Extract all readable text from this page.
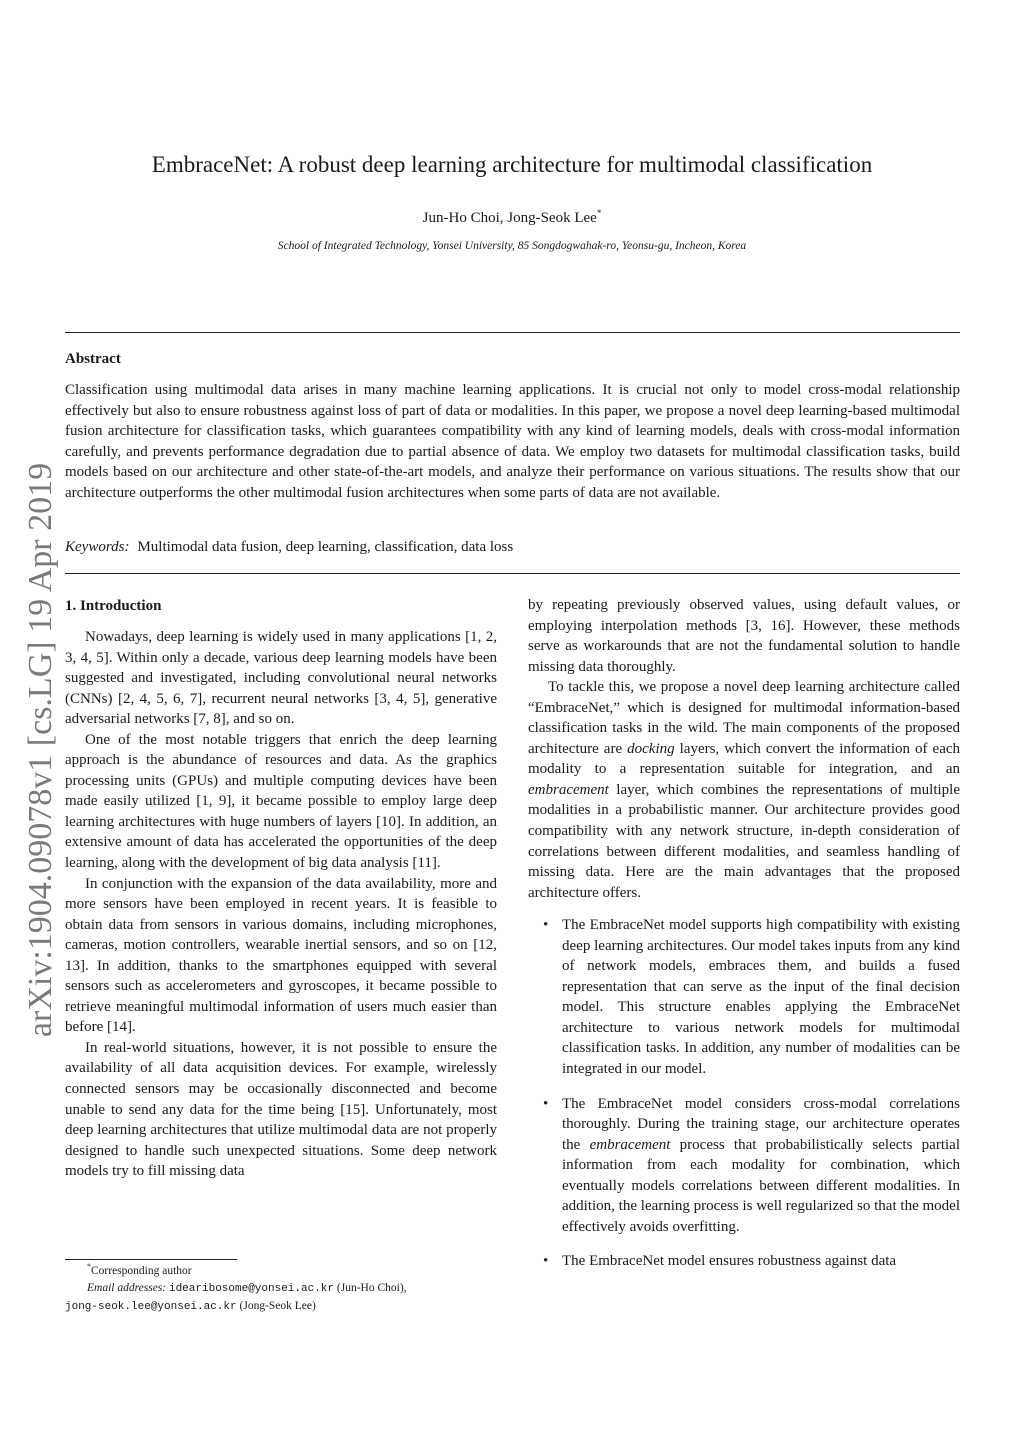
EmbraceNet: A robust deep learning architecture for multimodal classification
Jun-Ho Choi, Jong-Seok Lee*
School of Integrated Technology, Yonsei University, 85 Songdogwahak-ro, Yeonsu-gu, Incheon, Korea
Abstract
Classification using multimodal data arises in many machine learning applications. It is crucial not only to model cross-modal relationship effectively but also to ensure robustness against loss of part of data or modalities. In this paper, we propose a novel deep learning-based multimodal fusion architecture for classification tasks, which guarantees compatibility with any kind of learning models, deals with cross-modal information carefully, and prevents performance degradation due to partial absence of data. We employ two datasets for multimodal classification tasks, build models based on our architecture and other state-of-the-art models, and analyze their performance on various situations. The results show that our architecture outperforms the other multimodal fusion architectures when some parts of data are not available.
Keywords: Multimodal data fusion, deep learning, classification, data loss
arXiv:1904.09078v1 [cs.LG] 19 Apr 2019 1. Introduction

Nowadays, deep learning is widely used in many applications [1, 2, 3, 4, 5]. Within only a decade, various deep learning models have been suggested and investigated, including convolutional neural networks (CNNs) [2, 4, 5, 6, 7], recurrent neural networks [3, 4, 5], generative adversarial networks [7, 8], and so on.

One of the most notable triggers that enrich the deep learning approach is the abundance of resources and data. As the graphics processing units (GPUs) and multiple computing devices have been made easily utilized [1, 9], it became possible to employ large deep learning architectures with huge numbers of layers [10]. In addition, an extensive amount of data has accelerated the opportunities of the deep learning, along with the development of big data analysis [11].

In conjunction with the expansion of the data availability, more and more sensors have been employed in recent years. It is feasible to obtain data from sensors in various domains, including microphones, cameras, motion controllers, wearable inertial sensors, and so on [12, 13]. In addition, thanks to the smartphones equipped with several sensors such as accelerometers and gyroscopes, it became possible to retrieve meaningful multimodal information of users much easier than before [14].

In real-world situations, however, it is not possible to ensure the availability of all data acquisition devices. For example, wirelessly connected sensors may be occasionally disconnected and become unable to send any data for the time being [15]. Unfortunately, most deep learning architectures that utilize multimodal data are not properly designed to handle such unexpected situations. Some deep network models try to fill missing data

by repeating previously observed values, using default values, or employing interpolation methods [3, 16]. However, these methods serve as workarounds that are not the fundamental solution to handle missing data thoroughly.

To tackle this, we propose a novel deep learning architecture called “EmbraceNet,” which is designed for multimodal information-based classification tasks in the wild. The main components of the proposed architecture are docking layers, which convert the information of each modality to a representation suitable for integration, and an embracement layer, which combines the representations of multiple modalities in a probabilistic manner. Our architecture provides good compatibility with any network structure, in-depth consideration of correlations between different modalities, and seamless handling of missing data. Here are the main advantages that the proposed architecture offers.

• The EmbraceNet model supports high compatibility with existing deep learning architectures. Our model takes inputs from any kind of network models, embraces them, and builds a fused representation that can serve as the input of the final decision model. This structure enables applying the EmbraceNet architecture to various network models for multimodal classification tasks. In addition, any number of modalities can be integrated in our model.
• The EmbraceNet model considers cross-modal correlations thoroughly. During the training stage, our architecture operates the embracement process that probabilistically selects partial information from each modality for combination, which eventually models correlations between different modalities. In addition, the learning process is well regularized so that the model effectively avoids overfitting.
• The EmbraceNet model ensures robustness against data
*Corresponding author
Email addresses: idearibosome@yonsei.ac.kr (Jun-Ho Choi),
jong-seok.lee@yonsei.ac.kr (Jong-Seok Lee)
